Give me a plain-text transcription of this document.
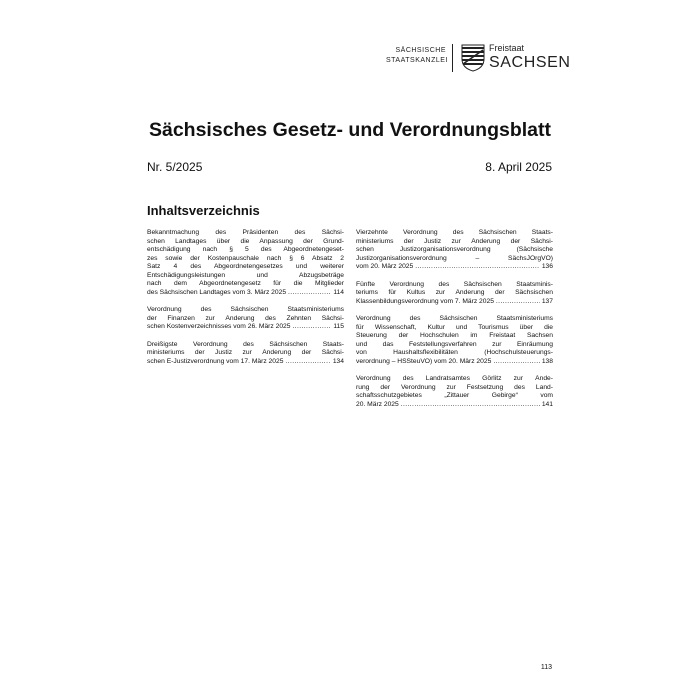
SÄCHSISCHE
STAATSKANZLEI
Freistaat
SACHSEN
Sächsisches Gesetz- und Verordnungsblatt
Nr. 5/2025	8. April 2025
Inhaltsverzeichnis
Bekanntmachung des Präsidenten des Sächsi-
schen Landtages über die Anpassung der Grund-
entschädigung nach § 5 des Abgeordnetengeset-
zes sowie der Kostenpauschale nach § 6 Absatz 2
Satz 4 des Abgeordnetengesetzes und weiterer
Entschädigungsleistungen und Abzugsbeträge
nach dem Abgeordnetengesetz für die Mitglieder
des Sächsischen Landtages vom 3. März 2025 .....	114
Verordnung des Sächsischen Staatsministeriums
der Finanzen zur Änderung des Zehnten Sächsi-
schen Kostenverzeichnisses vom 26. März 2025 .....	115
Dreißigste Verordnung des Sächsischen Staats-
ministeriums der Justiz zur Änderung der Sächsi-
schen E-Justizverordnung vom 17. März 2025 .....	134
Vierzehnte Verordnung des Sächsischen Staats-
ministeriums der Justiz zur Änderung der Sächsi-
schen Justizorganisationsverordnung (Sächsische
Justizorganisationsverordnung – SächsJOrgVO)
vom 20. März 2025 .....	136
Fünfte Verordnung des Sächsischen Staatsminis-
teriums für Kultus zur Änderung der Sächsischen
Klassenbildungsverordnung vom 7. März 2025 .....	137
Verordnung des Sächsischen Staatsministeriums
für Wissenschaft, Kultur und Tourismus über die
Steuerung der Hochschulen im Freistaat Sachsen
und das Feststellungsverfahren zur Einräumung
von Haushaltsflexibilitäten (Hochschulsteuerungs-
verordnung – HSSteuVO) vom 20. März 2025 .....	138
Verordnung des Landratsamtes Görlitz zur Ände-
rung der Verordnung zur Festsetzung des Land-
schaftsschutzgebietes „Zittauer Gebirge“ vom
20. März 2025 .....	141
113
